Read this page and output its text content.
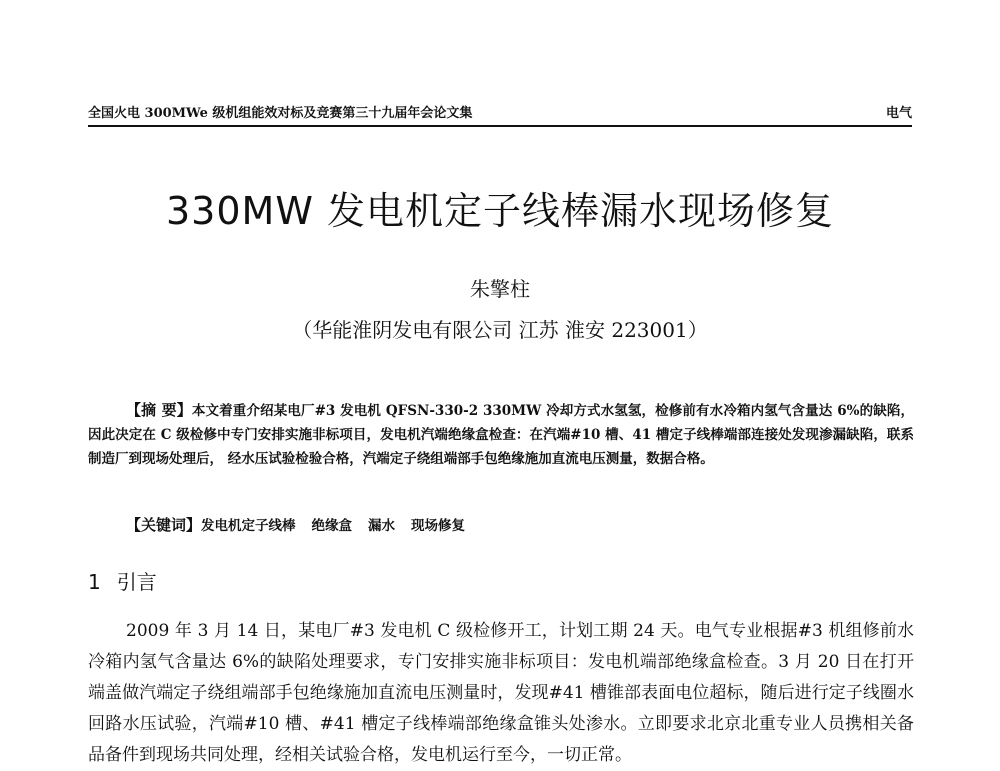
全国火电 300MWe 级机组能效对标及竞赛第三十九届年会论文集	电气
330MW 发电机定子线棒漏水现场修复
朱擎柱
（华能淮阴发电有限公司 江苏 淮安 223001）

【摘 要】本文着重介绍某电厂#3 发电机 QFSN-330-2 330MW 冷却方式水氢氢，检修前有水冷箱内氢气含量达 6%的缺陷，因此决定在 C 级检修中专门安排实施非标项目，发电机汽端绝缘盒检查：在汽端#10 槽、41 槽定子线棒端部连接处发现渗漏缺陷，联系制造厂到现场处理后， 经水压试验检验合格，汽端定子绕组端部手包绝缘施加直流电压测量，数据合格。

【关键词】发电机定子线棒 绝缘盒 漏水 现场修复
1 引言

2009 年 3 月 14 日，某电厂#3 发电机 C 级检修开工，计划工期 24 天。电气专业根据#3 机组修前水冷箱内氢气含量达 6%的缺陷处理要求，专门安排实施非标项目：发电机端部绝缘盒检查。3 月 20 日在打开端盖做汽端定子绕组端部手包绝缘施加直流电压测量时，发现#41 槽锥部表面电位超标，随后进行定子线圈水回路水压试验，汽端#10 槽、#41 槽定子线棒端部绝缘盒锥头处渗水。立即要求北京北重专业人员携相关备品备件到现场共同处理，经相关试验合格，发电机运行至今，一切正常。
